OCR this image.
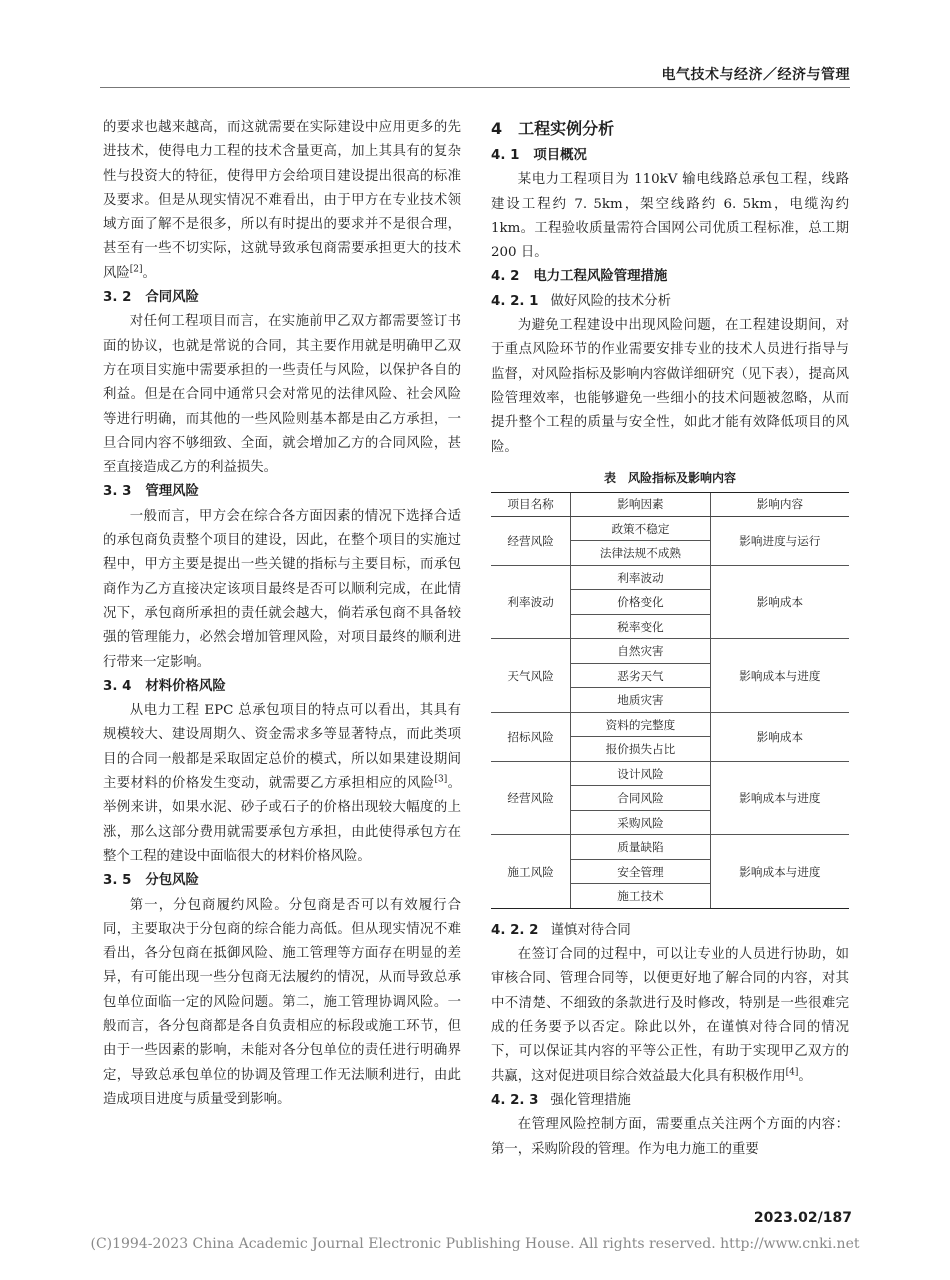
电气技术与经济／经济与管理

的要求也越来越高，而这就需要在实际建设中应用更多的先进技术，使得电力工程的技术含量更高，加上其具有的复杂性与投资大的特征，使得甲方会给项目建设提出很高的标准及要求。但是从现实情况不难看出，由于甲方在专业技术领域方面了解不是很多，所以有时提出的要求并不是很合理，甚至有一些不切实际，这就导致承包商需要承担更大的技术风险[2]。

3. 2 合同风险

对任何工程项目而言，在实施前甲乙双方都需要签订书面的协议，也就是常说的合同，其主要作用就是明确甲乙双方在项目实施中需要承担的一些责任与风险，以保护各自的利益。但是在合同中通常只会对常见的法律风险、社会风险等进行明确，而其他的一些风险则基本都是由乙方承担，一旦合同内容不够细致、全面，就会增加乙方的合同风险，甚至直接造成乙方的利益损失。

3. 3 管理风险

一般而言，甲方会在综合各方面因素的情况下选择合适的承包商负责整个项目的建设，因此，在整个项目的实施过程中，甲方主要是提出一些关键的指标与主要目标，而承包商作为乙方直接决定该项目最终是否可以顺利完成，在此情况下，承包商所承担的责任就会越大，倘若承包商不具备较强的管理能力，必然会增加管理风险，对项目最终的顺利进行带来一定影响。

3. 4 材料价格风险

从电力工程 EPC 总承包项目的特点可以看出，其具有规模较大、建设周期久、资金需求多等显著特点，而此类项目的合同一般都是采取固定总价的模式，所以如果建设期间主要材料的价格发生变动，就需要乙方承担相应的风险[3]。举例来讲，如果水泥、砂子或石子的价格出现较大幅度的上涨，那么这部分费用就需要承包方承担，由此使得承包方在整个工程的建设中面临很大的材料价格风险。

3. 5 分包风险

第一，分包商履约风险。分包商是否可以有效履行合同，主要取决于分包商的综合能力高低。但从现实情况不难看出，各分包商在抵御风险、施工管理等方面存在明显的差异，有可能出现一些分包商无法履约的情况，从而导致总承包单位面临一定的风险问题。第二，施工管理协调风险。一般而言，各分包商都是各自负责相应的标段或施工环节，但由于一些因素的影响，未能对各分包单位的责任进行明确界定，导致总承包单位的协调及管理工作无法顺利进行，由此造成项目进度与质量受到影响。

4 工程实例分析
4. 1 项目概况

某电力工程项目为 110kV 输电线路总承包工程，线路建设工程约 7. 5km，架空线路约 6. 5km，电缆沟约 1km。工程验收质量需符合国网公司优质工程标准，总工期 200 日。

4. 2 电力工程风险管理措施
4. 2. 1 做好风险的技术分析

为避免工程建设中出现风险问题，在工程建设期间，对于重点风险环节的作业需要安排专业的技术人员进行指导与监督，对风险指标及影响内容做详细研究（见下表），提高风险管理效率，也能够避免一些细小的技术问题被忽略，从而提升整个工程的质量与安全性，如此才能有效降低项目的风险。

表 风险指标及影响内容
项目名称	影响因素	影响内容
经营风险	政策不稳定	影响进度与运行
	法律法规不成熟	
利率波动	利率波动	影响成本
	价格变化	
	税率变化	
天气风险	自然灾害	影响成本与进度
	恶劣天气	
	地质灾害	
招标风险	资料的完整度	影响成本
	报价损失占比	
经营风险	设计风险	影响成本与进度
	合同风险	
	采购风险	
施工风险	质量缺陷	影响成本与进度
	安全管理	
	施工技术	
4. 2. 2 谨慎对待合同

在签订合同的过程中，可以让专业的人员进行协助，如审核合同、管理合同等，以便更好地了解合同的内容，对其中不清楚、不细致的条款进行及时修改，特别是一些很难完成的任务要予以否定。除此以外，在谨慎对待合同的情况下，可以保证其内容的平等公正性，有助于实现甲乙双方的共赢，这对促进项目综合效益最大化具有积极作用[4]。

4. 2. 3 强化管理措施

在管理风险控制方面，需要重点关注两个方面的内容：第一，采购阶段的管理。作为电力施工的重要

2023.02/187
(C)1994-2023 China Academic Journal Electronic Publishing House. All rights reserved. http://www.cnki.net
